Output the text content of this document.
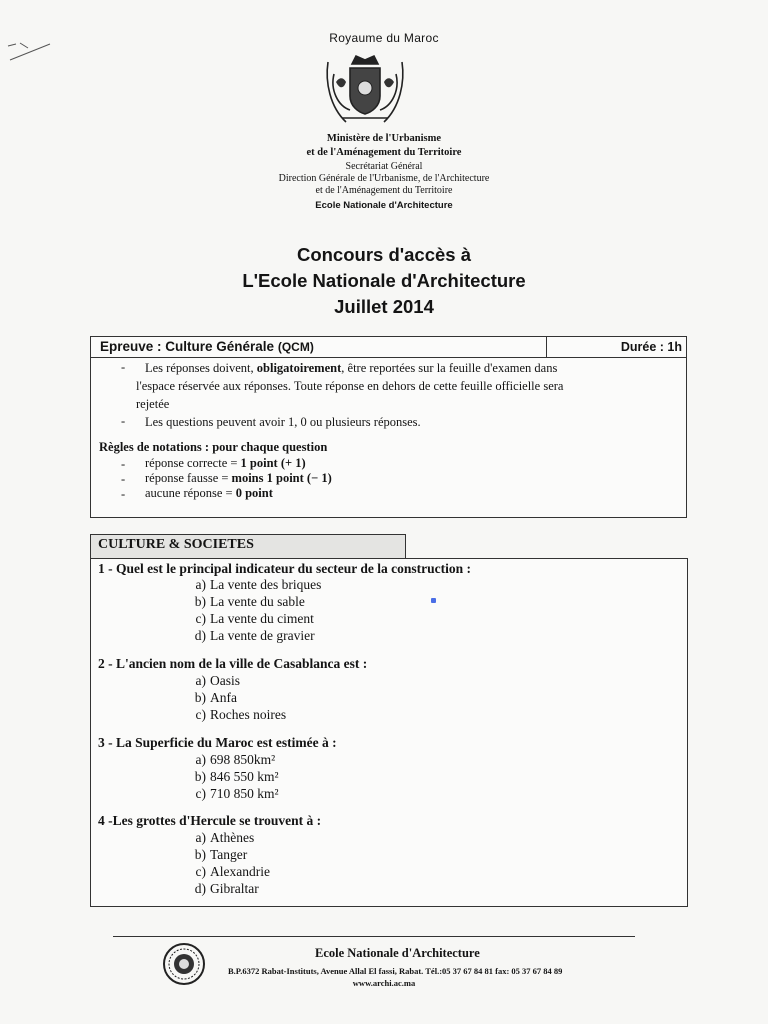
Royaume du Maroc
Ministère de l'Urbanisme
et de l'Aménagement du Territoire
Secrétariat Général
Direction Générale de l'Urbanisme, de l'Architecture
et de l'Aménagement du Territoire
Ecole Nationale d'Architecture
Concours d'accès à
L'Ecole Nationale d'Architecture
Juillet 2014
Epreuve : Culture Générale (QCM)	Durée : 1h
- Les réponses doivent, obligatoirement, être reportées sur la feuille d'examen dans
l'espace réservée aux réponses. Toute réponse en dehors de cette feuille officielle sera
rejetée
- Les questions peuvent avoir 1, 0 ou plusieurs réponses.
Règles de notations : pour chaque question
- réponse correcte = 1 point (+ 1)
- réponse fausse = moins 1 point (− 1)
- aucune réponse = 0 point
CULTURE & SOCIETES
1 - Quel est le principal indicateur du secteur de la construction :
a) La vente des briques
b) La vente du sable
c) La vente du ciment
d) La vente de gravier
2 - L'ancien nom de la ville de Casablanca est :
a) Oasis
b) Anfa
c) Roches noires
3 - La Superficie du Maroc est estimée à :
a) 698 850km²
b) 846 550 km²
c) 710 850 km²
4 -Les grottes d'Hercule se trouvent à :
a) Athènes
b) Tanger
c) Alexandrie
d) Gibraltar
Ecole Nationale d'Architecture
B.P.6372 Rabat-Instituts, Avenue Allal El fassi, Rabat. Tél.:05 37 67 84 81 fax: 05 37 67 84 89
www.archi.ac.ma
